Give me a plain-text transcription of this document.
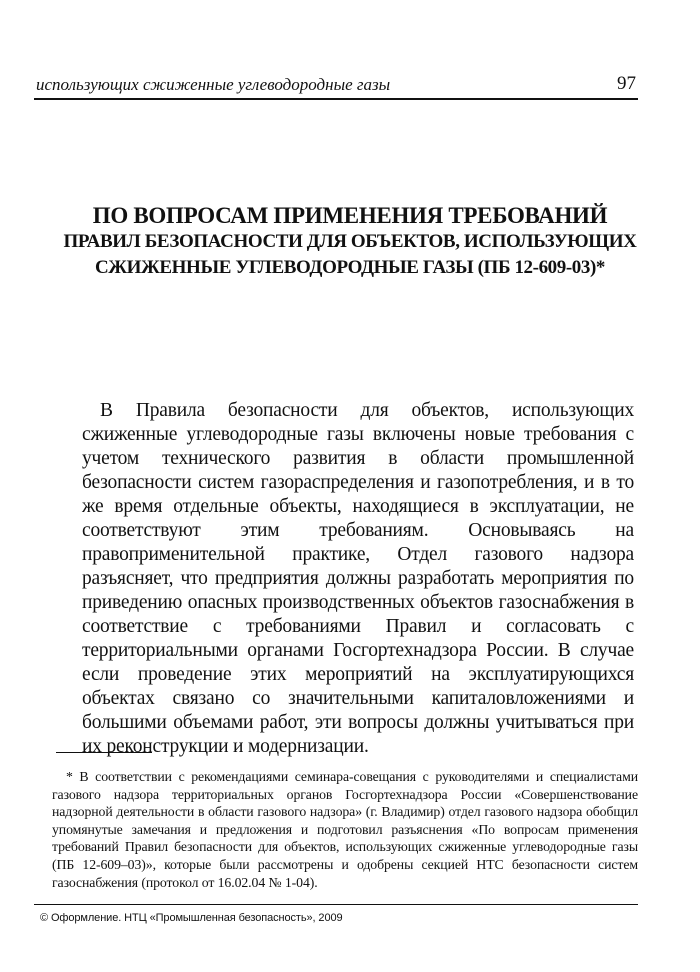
использующих сжиженные углеводородные газы	97
ПО ВОПРОСАМ ПРИМЕНЕНИЯ ТРЕБОВАНИЙ
ПРАВИЛ БЕЗОПАСНОСТИ ДЛЯ ОБЪЕКТОВ, ИСПОЛЬЗУЮЩИХ
СЖИЖЕННЫЕ УГЛЕВОДОРОДНЫЕ ГАЗЫ (ПБ 12-609-03)*

В Правила безопасности для объектов, использующих сжиженные углеводородные газы включены новые требования с учетом технического развития в области промышленной безопасности систем газораспределения и газопотребления, и в то же время отдельные объекты, находящиеся в эксплуатации, не соответствуют этим требованиям. Основываясь на правоприменительной практике, Отдел газового надзора разъясняет, что предприятия должны разработать мероприятия по приведению опасных производственных объектов газоснабжения в соответствие с требованиями Правил и согласовать с территориальными органами Госгортехнадзора России. В случае если проведение этих мероприятий на эксплуатирующихся объектах связано со значительными капиталовложениями и большими объемами работ, эти вопросы должны учитываться при их реконструкции и модернизации.

* В соответствии с рекомендациями семинара-совещания с руководителями и специалистами газового надзора территориальных органов Госгортехнадзора России «Совершенствование надзорной деятельности в области газового надзора» (г. Владимир) отдел газового надзора обобщил упомянутые замечания и предложения и подготовил разъяснения «По вопросам применения требований Правил безопасности для объектов, использующих сжиженные углеводородные газы (ПБ 12-609–03)», которые были рассмотрены и одобрены секцией НТС безопасности систем газоснабжения (протокол от 16.02.04 № 1-04).

© Оформление. НТЦ «Промышленная безопасность», 2009
